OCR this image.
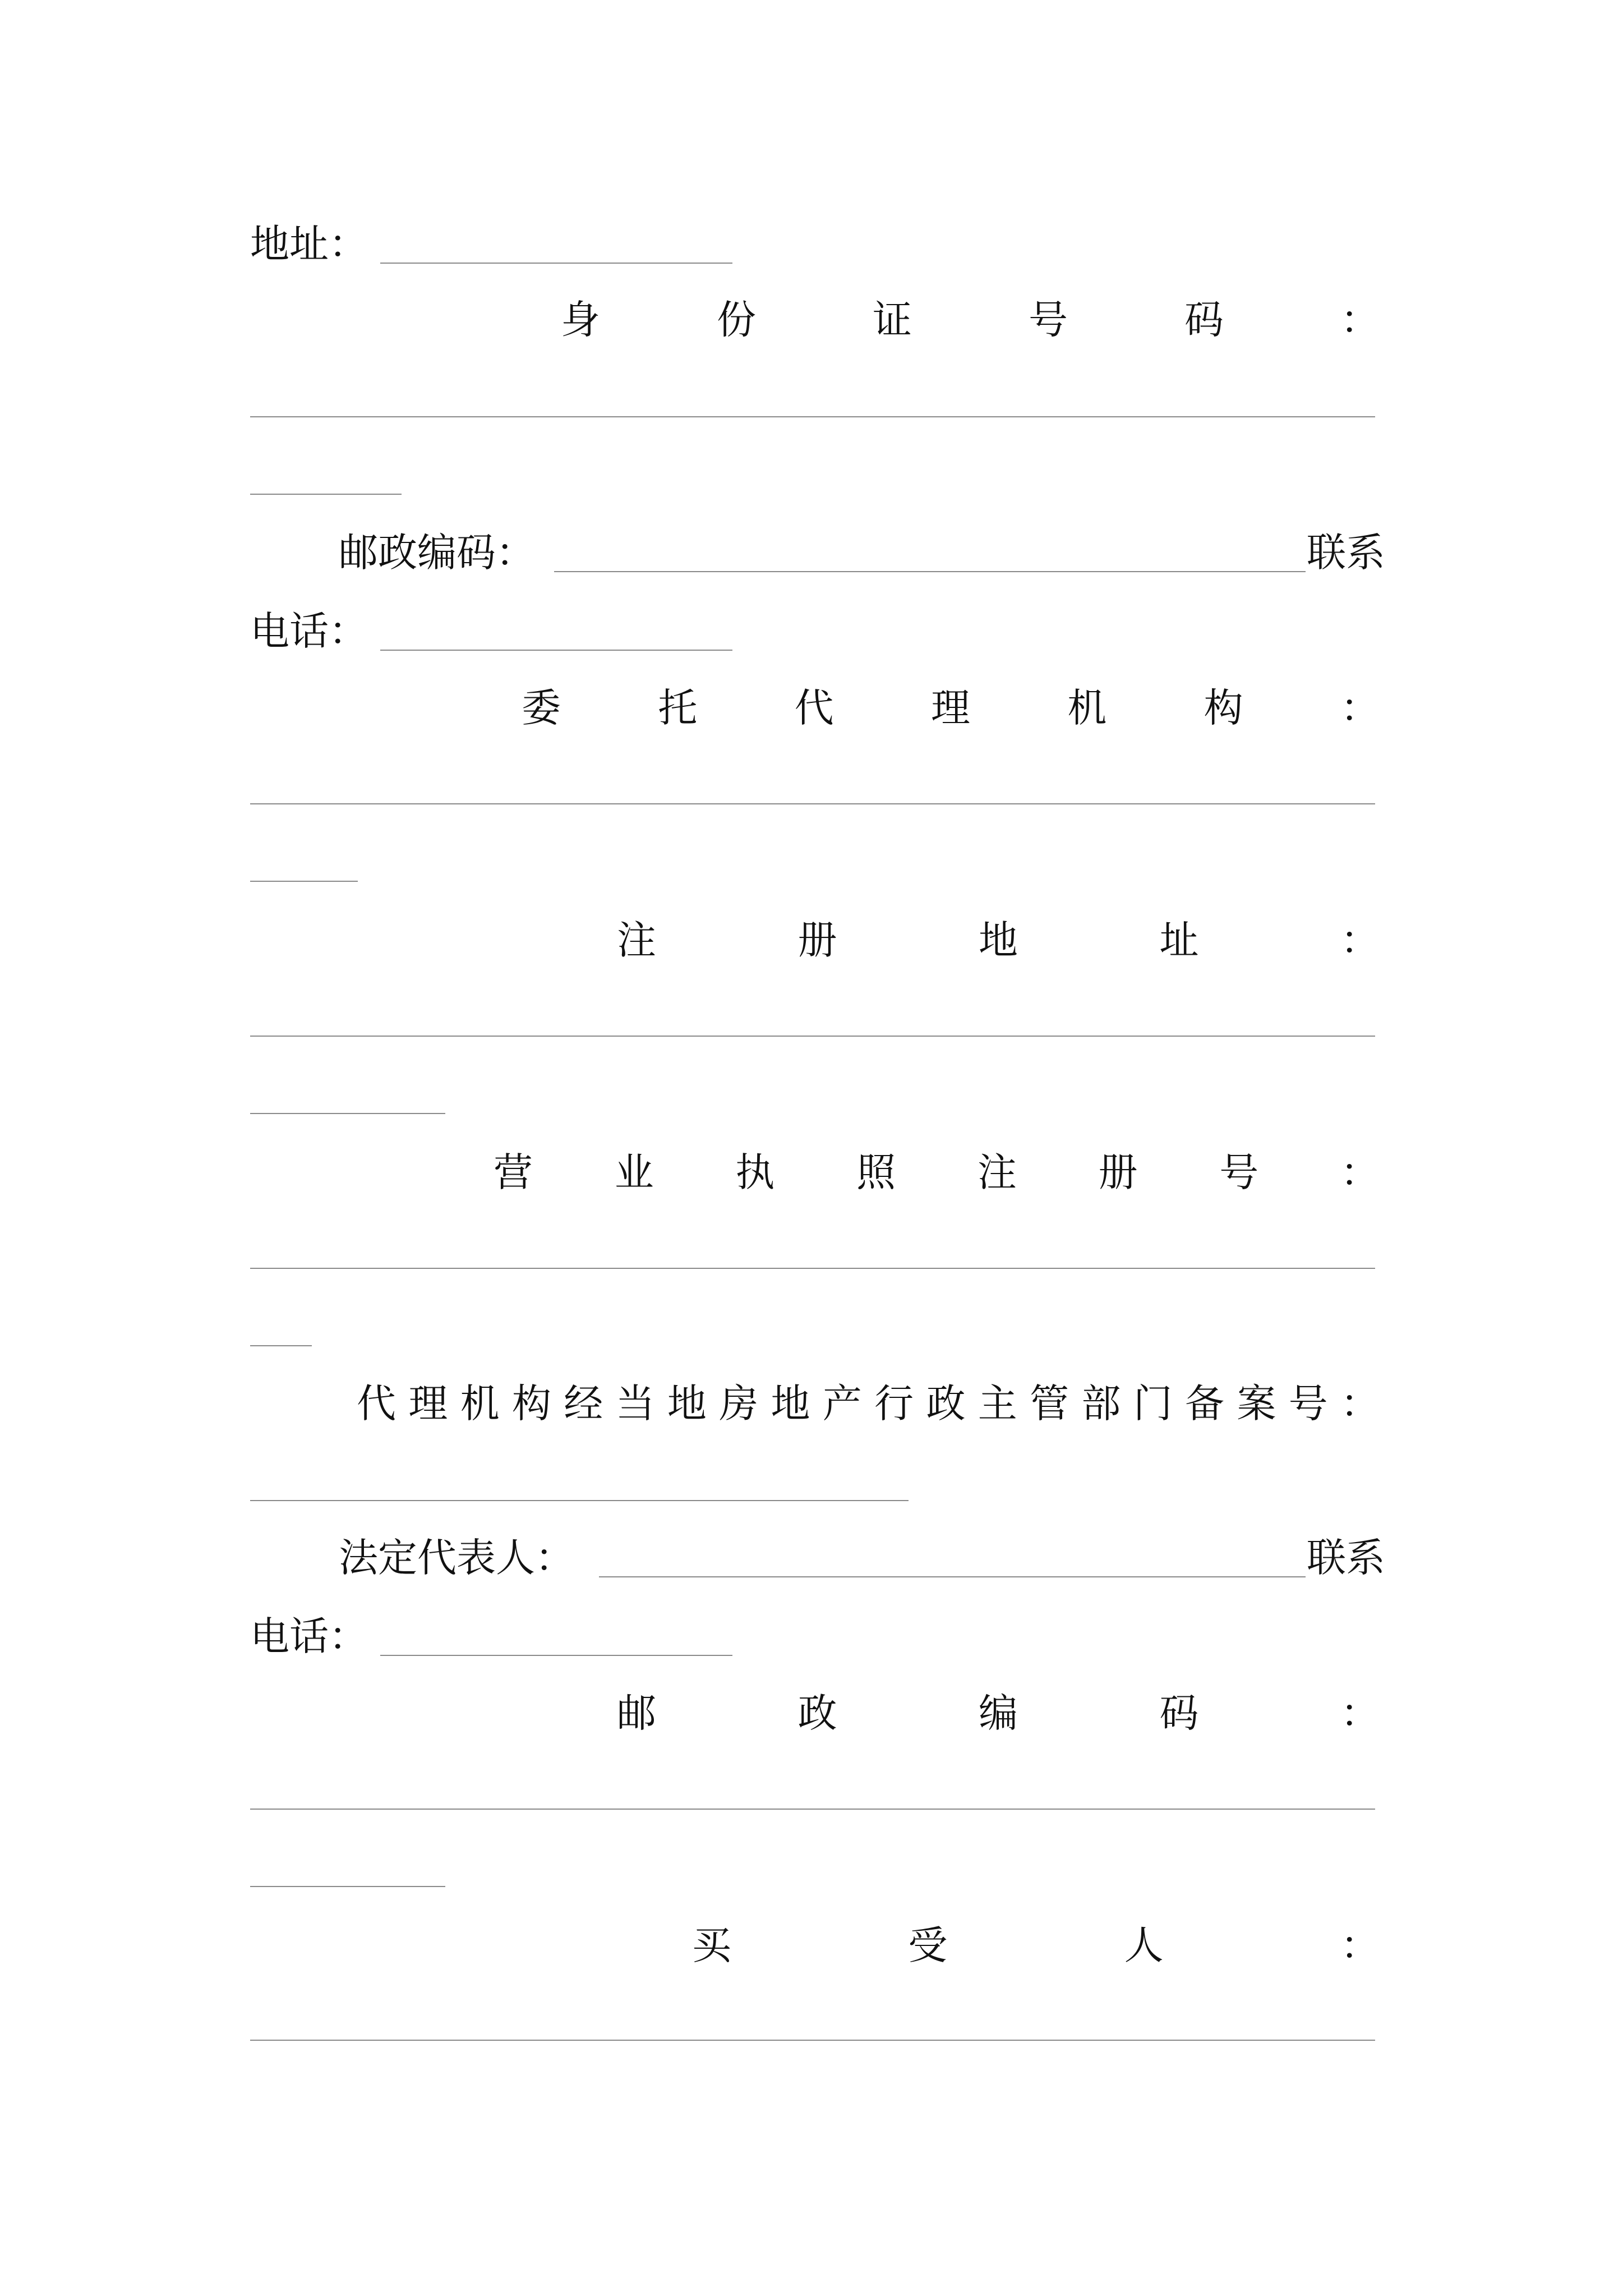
地址：
身	份	证	号	码	：
邮政编码：	联系
电话：
委 托 代 理 机 构 ：
注	册	地	址	：
营 业 执 照 注 册 号 ：
代 理 机 构 经 当 地 房 地 产 行 政 主 管 部 门 备 案 号 ：
法定代表人：	联系
电话：
邮	政	编	码	：
买	受	人	：
